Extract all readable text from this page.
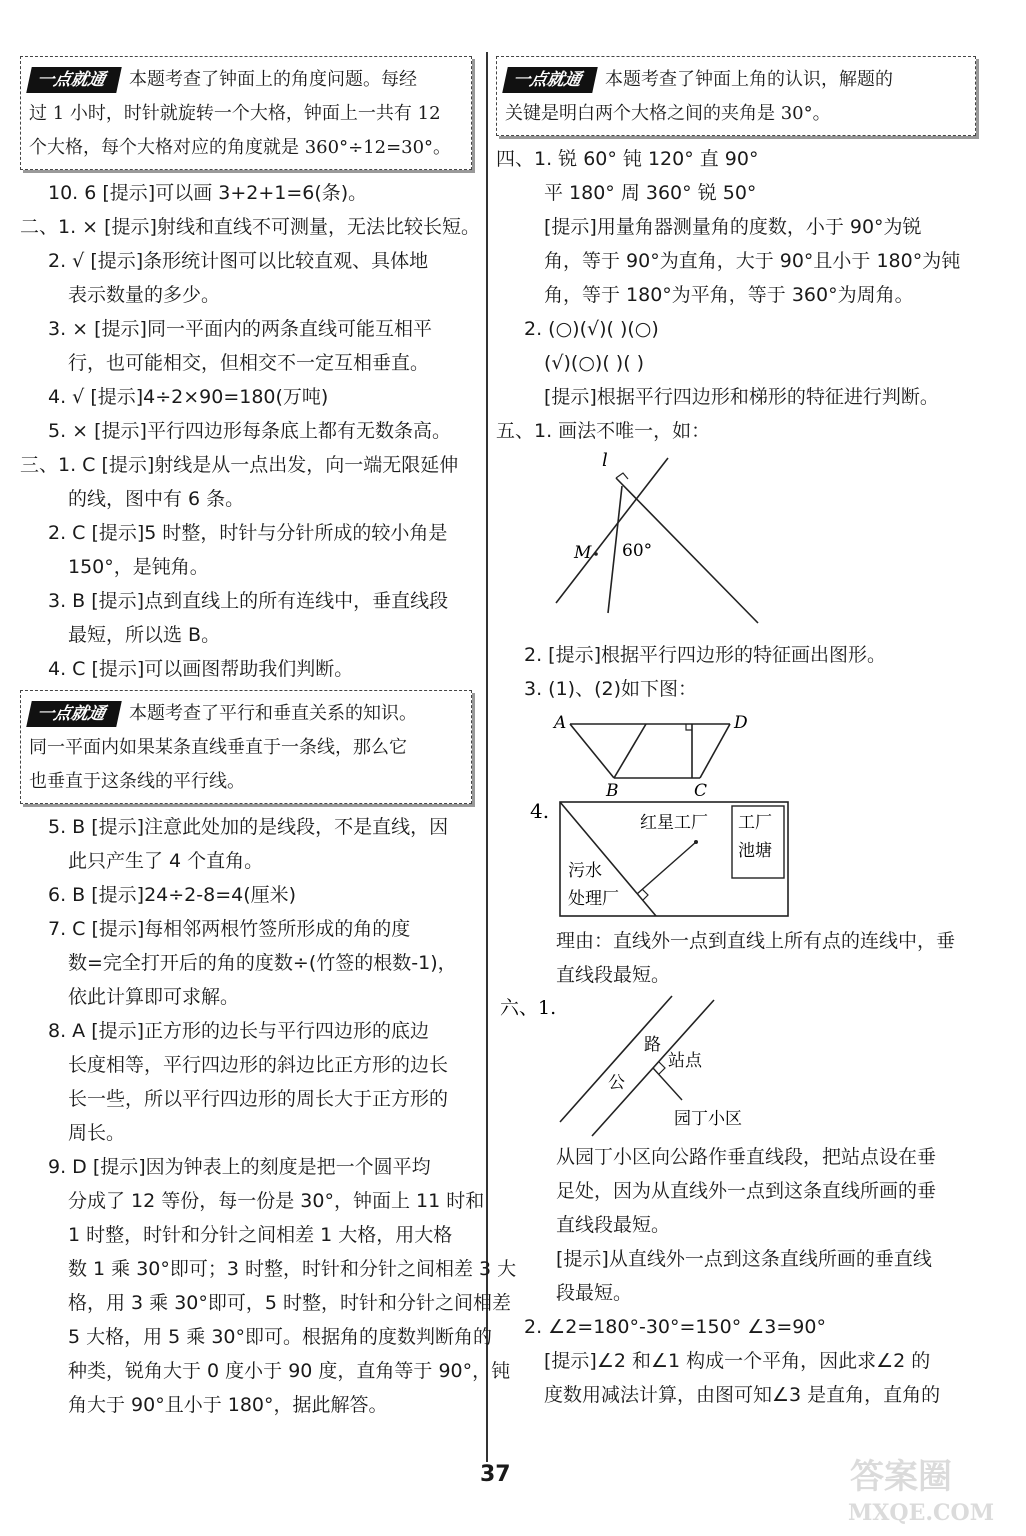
一点就通 本题考查了钟面上的角度问题。每经
过 1 小时，时针就旋转一个大格，钟面上一共有 12
个大格，每个大格对应的角度就是 360°÷12=30°。
10. 6 [提示]可以画 3+2+1=6(条)。
二、1. × [提示]射线和直线不可测量，无法比较长短。
2. √ [提示]条形统计图可以比较直观、具体地
表示数量的多少。
3. × [提示]同一平面内的两条直线可能互相平
行，也可能相交，但相交不一定互相垂直。
4. √ [提示]4÷2×90=180(万吨)
5. × [提示]平行四边形每条底上都有无数条高。
三、1. C [提示]射线是从一点出发，向一端无限延伸
的线，图中有 6 条。
2. C [提示]5 时整，时针与分针所成的较小角是
150°，是钝角。
3. B [提示]点到直线上的所有连线中，垂直线段
最短，所以选 B。
4. C [提示]可以画图帮助我们判断。
一点就通 本题考查了平行和垂直关系的知识。
同一平面内如果某条直线垂直于一条线，那么它
也垂直于这条线的平行线。
5. B [提示]注意此处加的是线段，不是直线，因
此只产生了 4 个直角。
6. B [提示]24÷2-8=4(厘米)
7. C [提示]每相邻两根竹签所形成的角的度
数=完全打开后的角的度数÷(竹签的根数-1)，
依此计算即可求解。
8. A [提示]正方形的边长与平行四边形的底边
长度相等，平行四边形的斜边比正方形的边长
长一些，所以平行四边形的周长大于正方形的
周长。
9. D [提示]因为钟表上的刻度是把一个圆平均
分成了 12 等份，每一份是 30°，钟面上 11 时和
1 时整，时针和分针之间相差 1 大格，用大格
数 1 乘 30°即可；3 时整，时针和分针之间相差 3 大
格，用 3 乘 30°即可，5 时整，时针和分针之间相差
5 大格，用 5 乘 30°即可。根据角的度数判断角的
种类，锐角大于 0 度小于 90 度，直角等于 90°，钝
角大于 90°且小于 180°，据此解答。
一点就通 本题考查了钟面上角的认识，解题的
关键是明白两个大格之间的夹角是 30°。
四、1. 锐 60° 钝 120° 直 90°
平 180° 周 360° 锐 50°
[提示]用量角器测量角的度数，小于 90°为锐
角，等于 90°为直角，大于 90°且小于 180°为钝
角，等于 180°为平角，等于 360°为周角。
2. (○)(√)( )(○)
(√)(○)( )( )
[提示]根据平行四边形和梯形的特征进行判断。
五、1. 画法不唯一，如：
l
M 60°
2. [提示]根据平行四边形的特征画出图形。
3. (1)、(2)如下图：
A
B	C
D
4.	红星工厂 工厂
池塘
污水
处理厂
理由：直线外一点到直线上所有点的连线中，垂
直线段最短。
六、1.
路
公
站点
园丁小区
从园丁小区向公路作垂直线段，把站点设在垂
足处，因为从直线外一点到这条直线所画的垂
直线段最短。
[提示]从直线外一点到这条直线所画的垂直线
段最短。
2. ∠2=180°-30°=150° ∠3=90°
[提示]∠2 和∠1 构成一个平角，因此求∠2 的
度数用减法计算，由图可知∠3 是直角，直角的
37	答案圈
MXQE.COM
